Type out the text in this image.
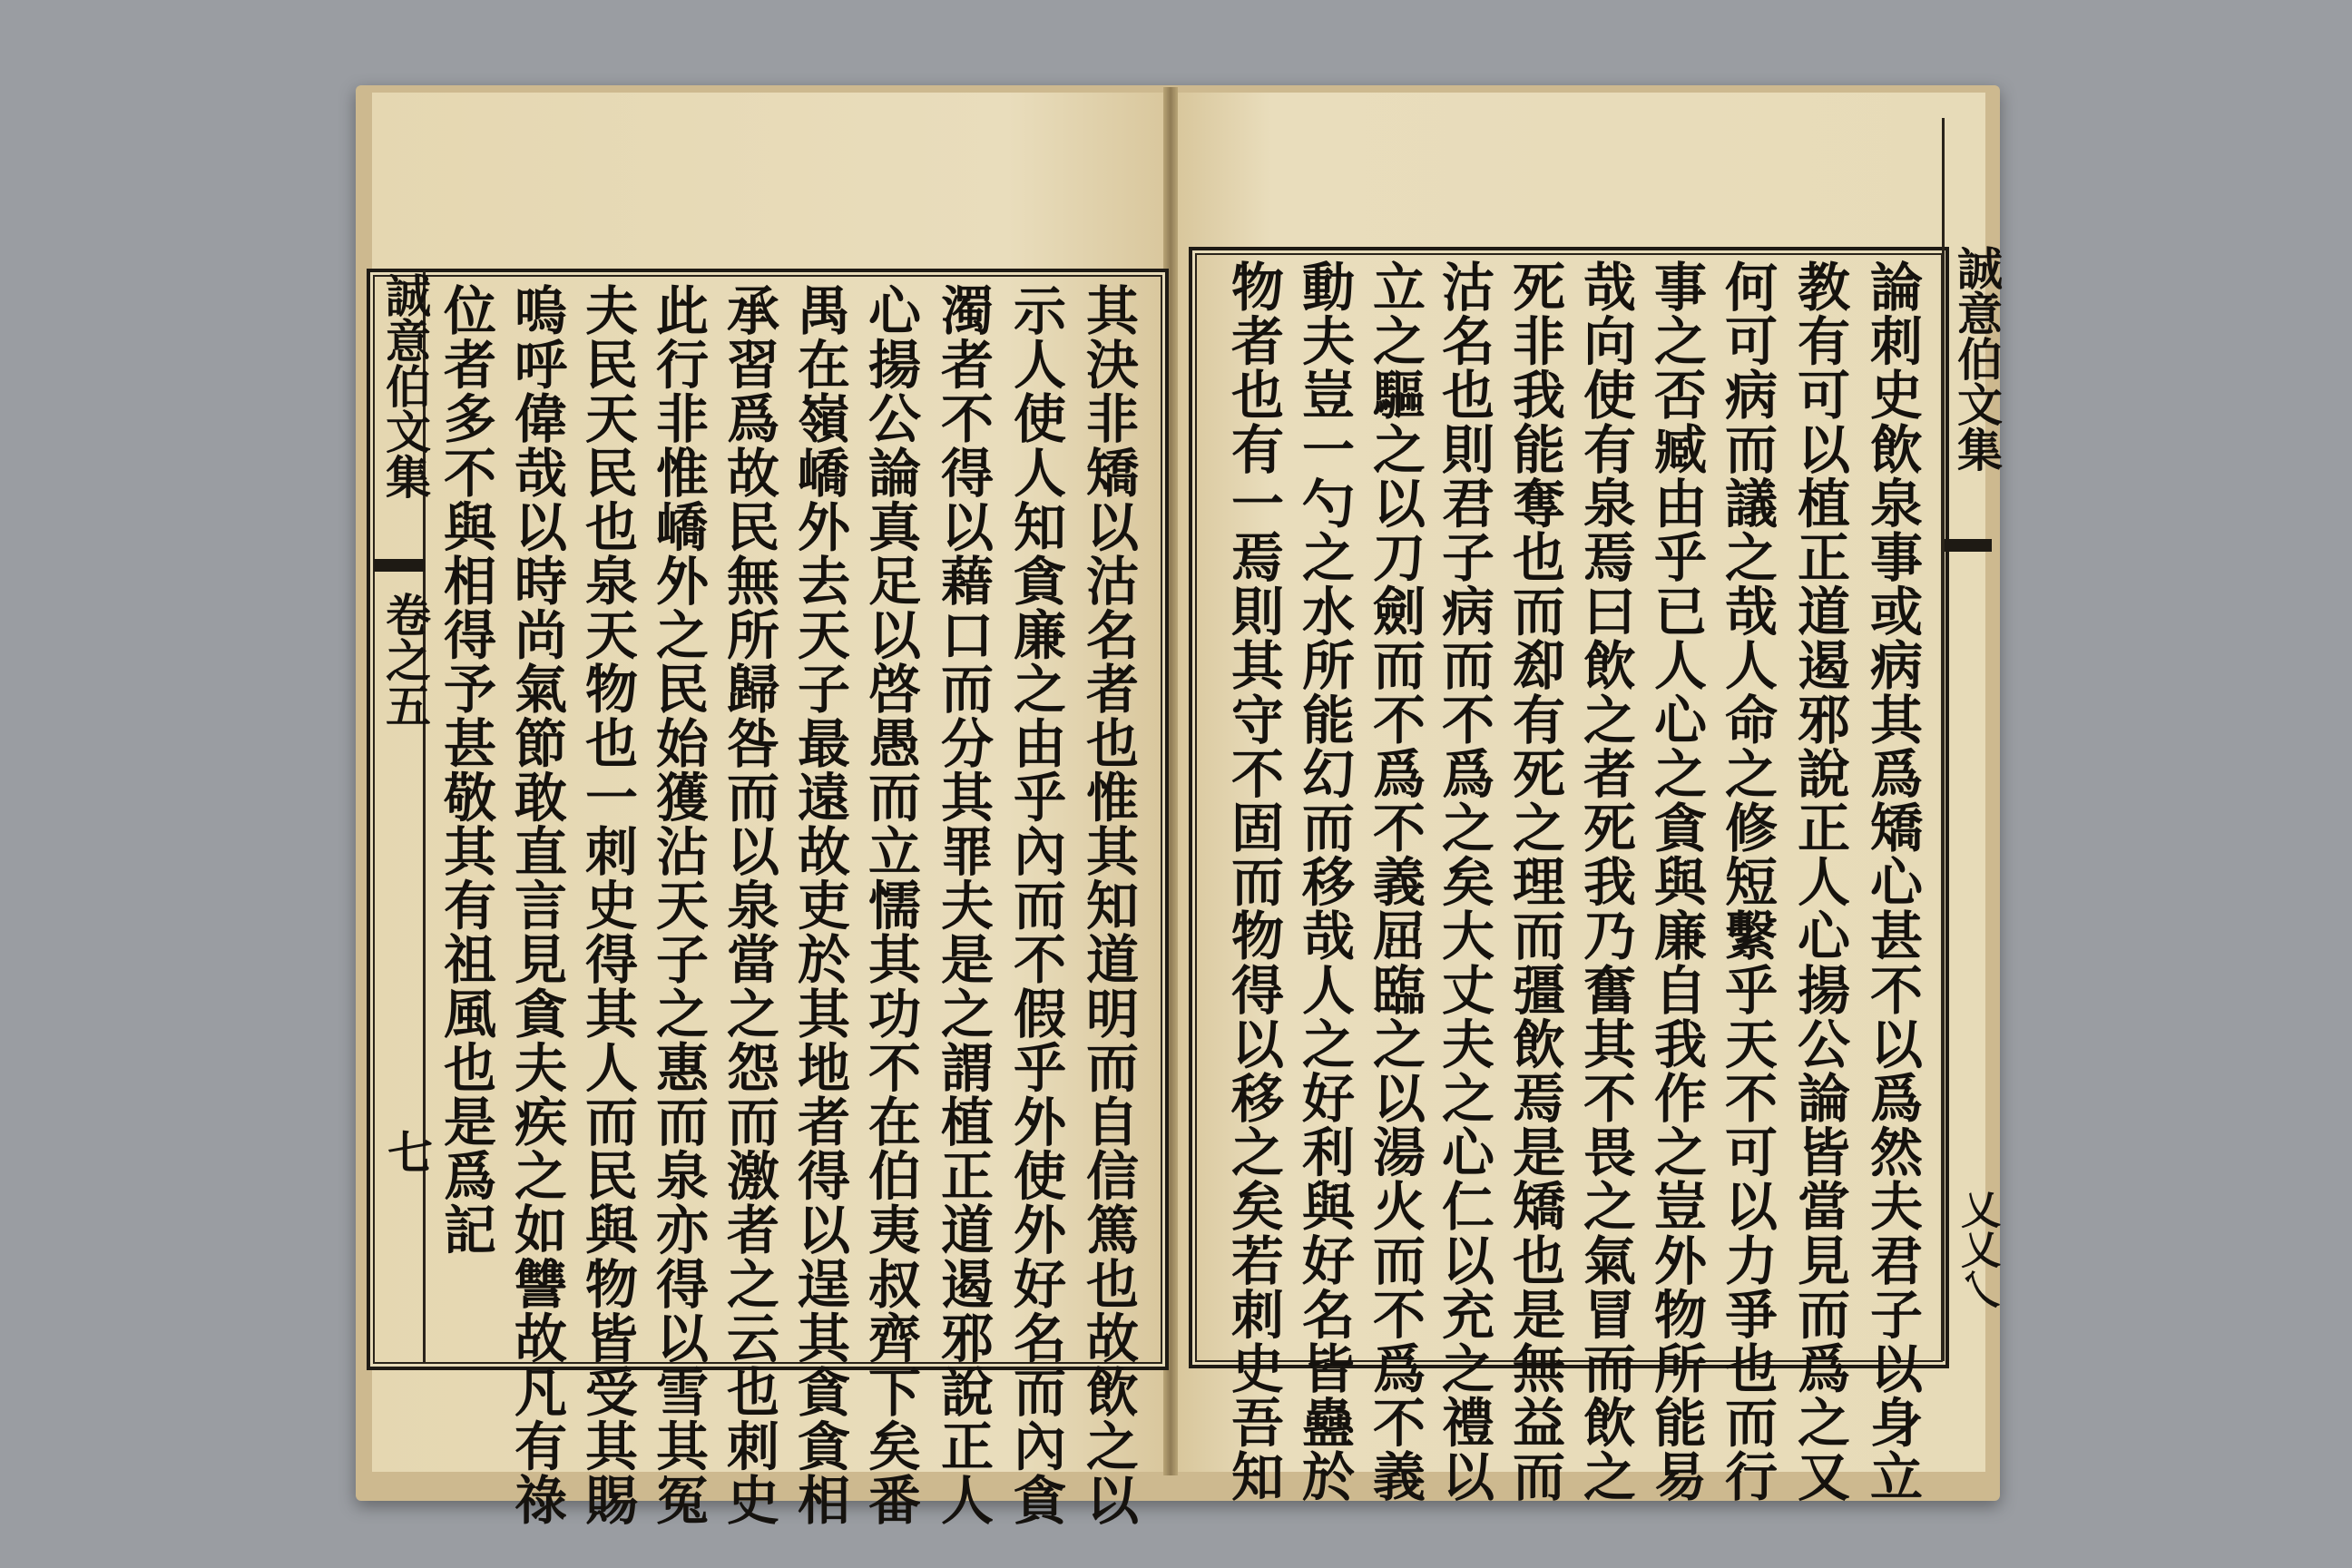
誠意伯文集
卷之五
七	其決非矯以沽名者也惟其知道明而自信篤也故飲之以
示人使人知貪廉之由乎內而不假乎外使外好名而內貪
濁者不得以藉口而分其罪夫是之謂植正道遏邪說正人
心揚公論真足以啓愚而立懦其功不在伯夷叔齊下矣番
禺在嶺嶠外去天子最遠故吏於其地者得以逞其貪貪相
承習爲故民無所歸咎而以泉當之怨而激者之云也刺史
此行非惟嶠外之民始獲沾天子之惠而泉亦得以雪其冤
夫民天民也泉天物也一刺史得其人而民與物皆受其賜
嗚呼偉哉以時尚氣節敢直言見貪夫疾之如讐故凡有祿
位者多不與相得予甚敬其有祖風也是爲記	誠意伯文集
乂乂乀
論刺史飲泉事或病其爲矯心甚不以爲然夫君子以身立
教有可以植正道遏邪說正人心揚公論皆當見而爲之又
何可病而議之哉人命之修短繫乎天不可以力爭也而行
事之否臧由乎已人心之貪與廉自我作之豈外物所能易
哉向使有泉焉曰飲之者死我乃奮其不畏之氣冒而飲之
死非我能奪也而㕁有死之理而彊飲焉是矯也是無益而
沽名也則君子病而不爲之矣大丈夫之心仁以充之禮以
立之驅之以刀劍而不爲不義屈臨之以湯火而不爲不義
動夫豈一勺之水所能幻而移哉人之好利與好名皆蠱於
物者也有一焉則其守不固而物得以移之矣若刺史吾知
